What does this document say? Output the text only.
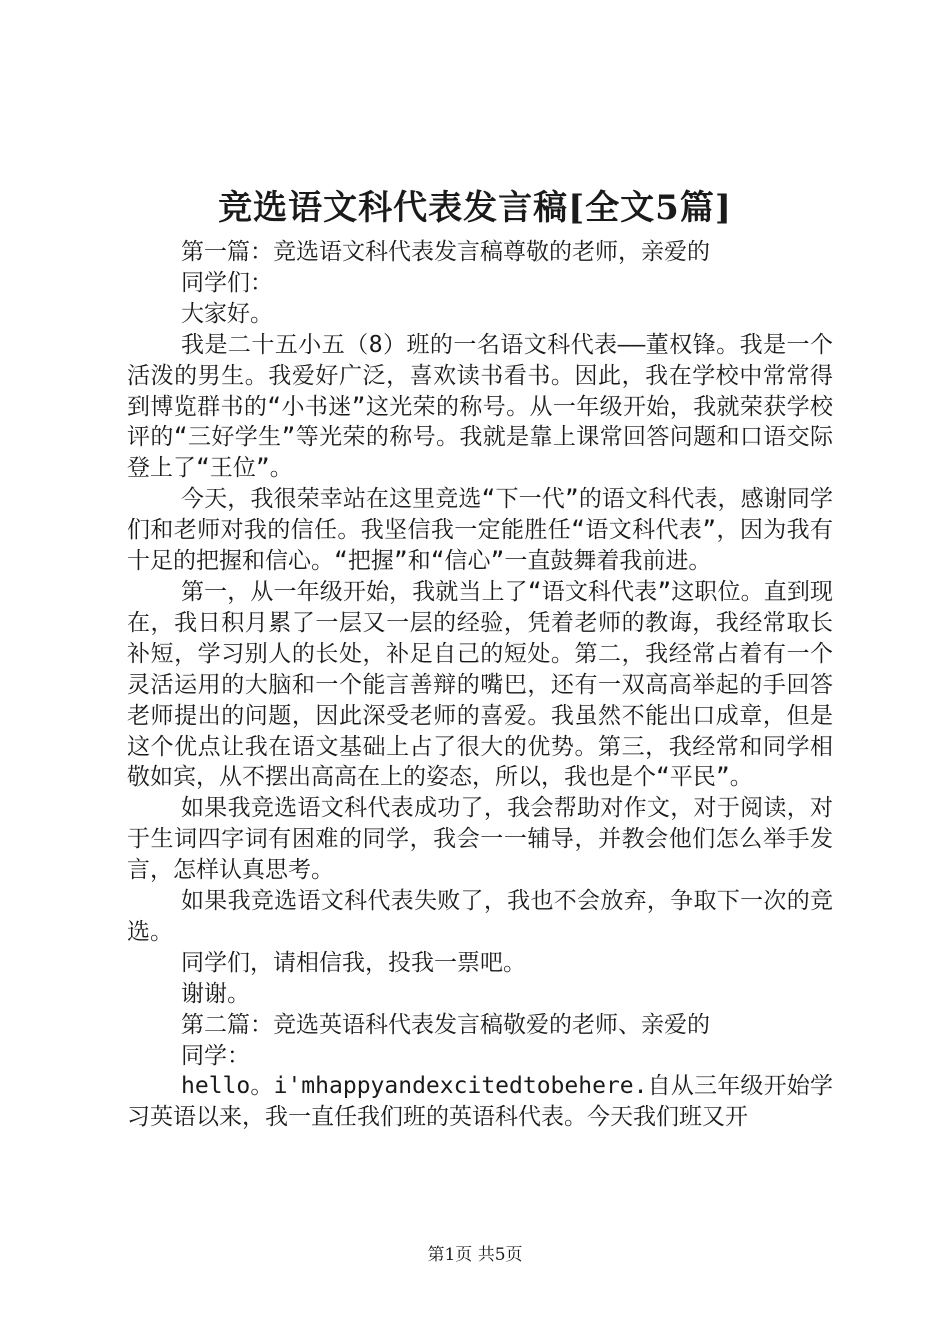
竞选语文科代表发言稿[全文5篇]

第一篇：竞选语文科代表发言稿尊敬的老师，亲爱的

同学们：

大家好。

我是二十五小五（8）班的一名语文科代表——董权锋。我是一个活泼的男生。我爱好广泛，喜欢读书看书。因此，我在学校中常常得到博览群书的“小书迷”这光荣的称号。从一年级开始，我就荣获学校评的“三好学生”等光荣的称号。我就是靠上课常回答问题和口语交际登上了“王位”。

今天，我很荣幸站在这里竞选“下一代”的语文科代表，感谢同学们和老师对我的信任。我坚信我一定能胜任“语文科代表”，因为我有十足的把握和信心。“把握”和“信心”一直鼓舞着我前进。

第一，从一年级开始，我就当上了“语文科代表”这职位。直到现在，我日积月累了一层又一层的经验，凭着老师的教诲，我经常取长补短，学习别人的长处，补足自己的短处。第二，我经常占着有一个灵活运用的大脑和一个能言善辩的嘴巴，还有一双高高举起的手回答老师提出的问题，因此深受老师的喜爱。我虽然不能出口成章，但是这个优点让我在语文基础上占了很大的优势。第三，我经常和同学相敬如宾，从不摆出高高在上的姿态，所以，我也是个“平民”。

如果我竞选语文科代表成功了，我会帮助对作文，对于阅读，对于生词四字词有困难的同学，我会一一辅导，并教会他们怎么举手发言，怎样认真思考。

如果我竞选语文科代表失败了，我也不会放弃，争取下一次的竞选。

同学们，请相信我，投我一票吧。

谢谢。

第二篇：竞选英语科代表发言稿敬爱的老师、亲爱的

同学：

hello。i'mhappyandexcitedtobehere.自从三年级开始学习英语以来，我一直任我们班的英语科代表。今天我们班又开

第1页 共5页
